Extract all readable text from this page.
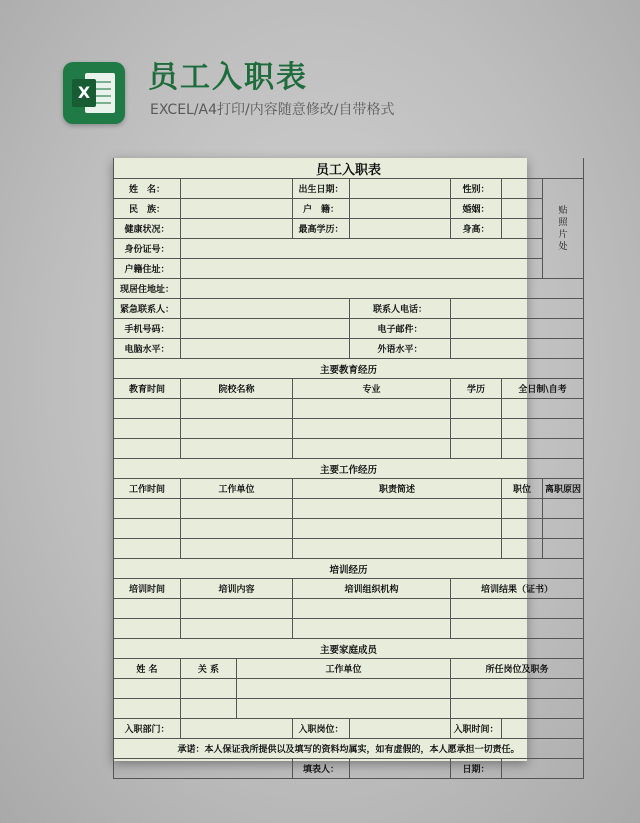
X 员工入职表
EXCEL/A4打印/内容随意修改/自带格式
员工入职表							
姓　名：			出生日期：		性别：		贴照片处

民　族：			户　籍：		婚姻：		
健康状况：			最高学历：		身高：		
身份证号：							
户籍住址：							
现居住地址：							
紧急联系人：				联系人电话：			
手机号码：				电子邮件：			
电脑水平：				外语水平：			
主要教育经历							
教育时间	院校名称		专业		学历	全日制\自考	

主要工作经历							
工作时间	工作单位		职责简述			职位	离职原因

培训经历							
培训时间	培训内容		培训组织机构		培训结果（证书）		

主要家庭成员							
姓 名	关 系	工作单位			所任岗位及职务		

入职部门：			入职岗位：		入职时间：		
承诺：本人保证我所提供以及填写的资料均属实，如有虚假的，本人愿承担一切责任。							
			填表人：		日期：		
